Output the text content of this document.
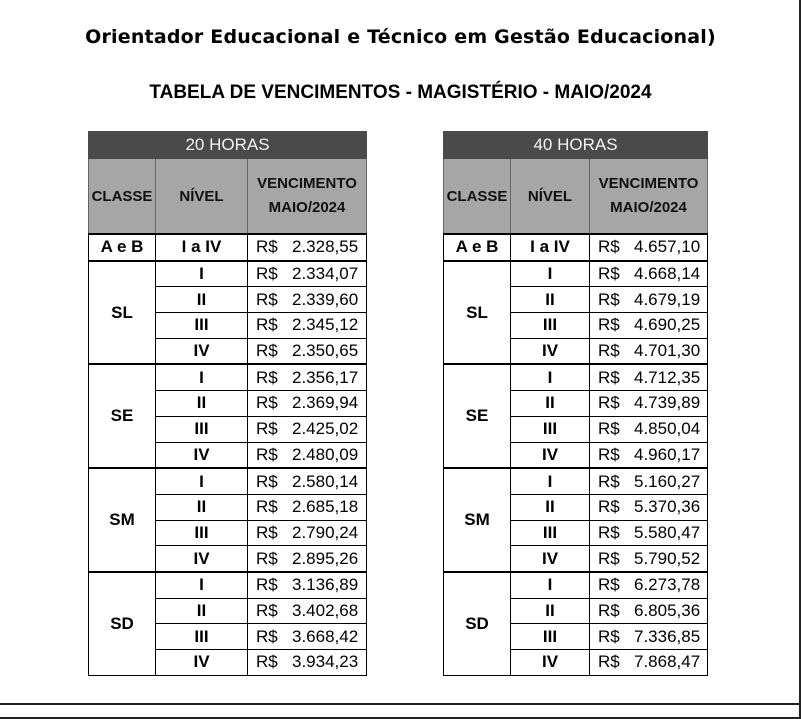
Orientador Educacional e Técnico em Gestão Educacional)
TABELA DE VENCIMENTOS - MAGISTÉRIO - MAIO/2024
20 HORAS		
CLASSE	NÍVEL	VENCIMENTO
MAIO/2024
A e B	I a IV	R$ 2.328,55
SL	I	R$ 2.334,07
	II	R$ 2.339,60
	III	R$ 2.345,12
	IV	R$ 2.350,65
SE	I	R$ 2.356,17
	II	R$ 2.369,94
	III	R$ 2.425,02
	IV	R$ 2.480,09
SM	I	R$ 2.580,14
	II	R$ 2.685,18
	III	R$ 2.790,24
	IV	R$ 2.895,26
SD	I	R$ 3.136,89
	II	R$ 3.402,68
	III	R$ 3.668,42
	IV	R$ 3.934,23
40 HORAS		
CLASSE	NÍVEL	VENCIMENTO
MAIO/2024
A e B	I a IV	R$ 4.657,10
SL	I	R$ 4.668,14
	II	R$ 4.679,19
	III	R$ 4.690,25
	IV	R$ 4.701,30
SE	I	R$ 4.712,35
	II	R$ 4.739,89
	III	R$ 4.850,04
	IV	R$ 4.960,17
SM	I	R$ 5.160,27
	II	R$ 5.370,36
	III	R$ 5.580,47
	IV	R$ 5.790,52
SD	I	R$ 6.273,78
	II	R$ 6.805,36
	III	R$ 7.336,85
	IV	R$ 7.868,47
